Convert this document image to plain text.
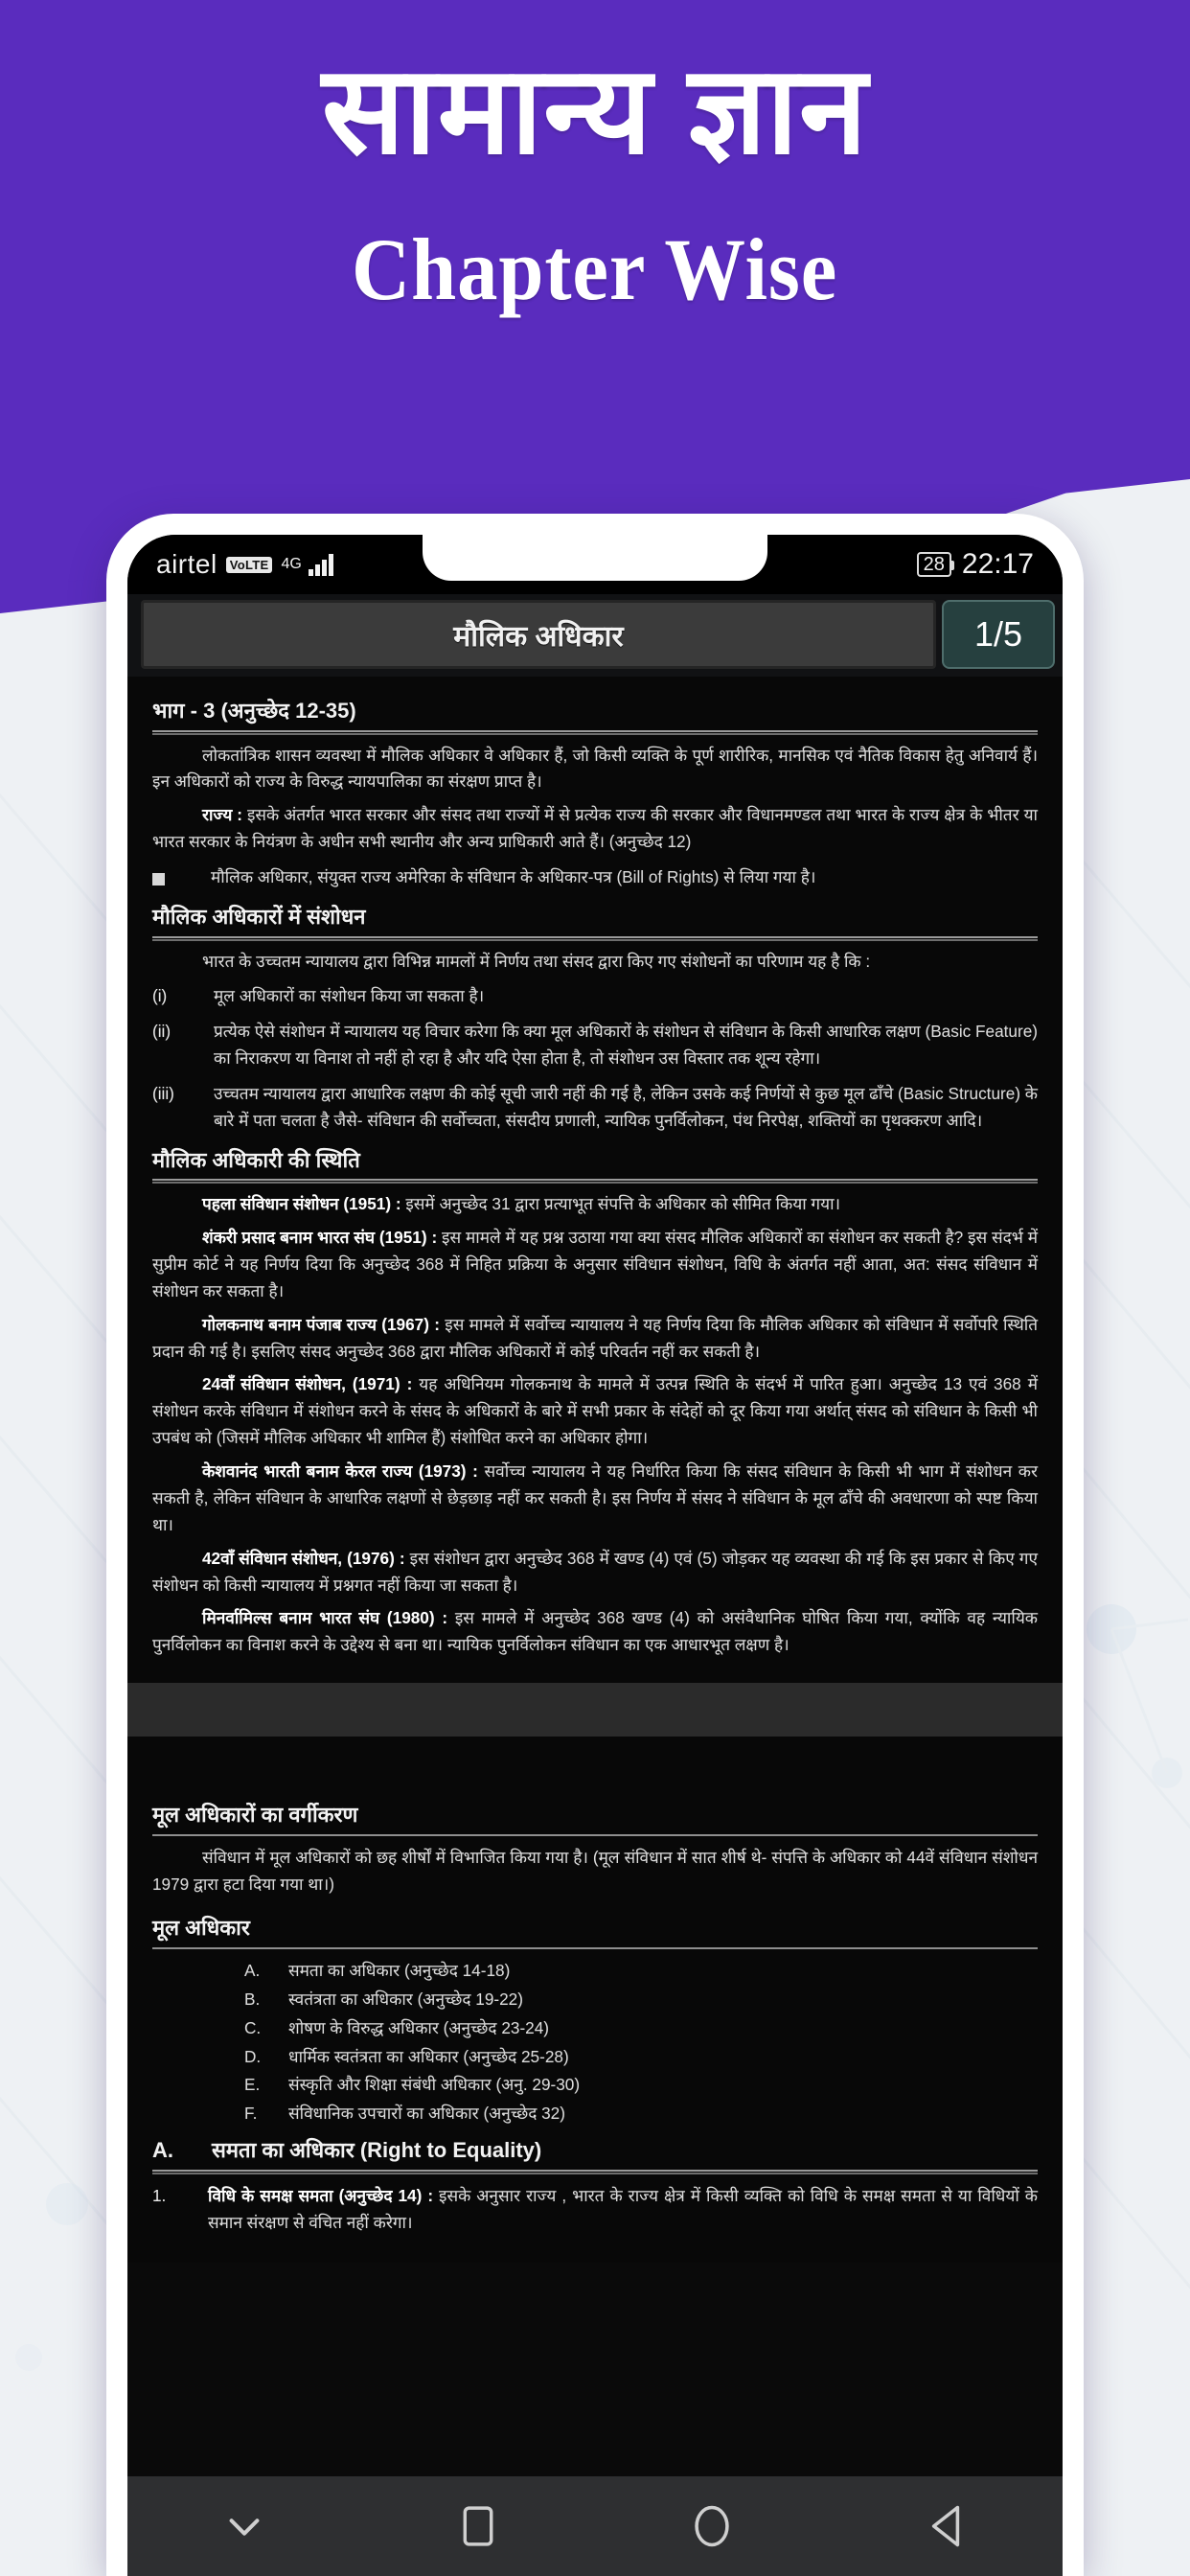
सामान्य ज्ञान
Chapter Wise
airtel	VoLTE 4G	28 22:17
मौलिक अधिकार	1/5
भाग - 3 (अनुच्छेद 12-35)

लोकतांत्रिक शासन व्यवस्था में मौलिक अधिकार वे अधिकार हैं, जो किसी व्यक्ति के पूर्ण शारीरिक, मानसिक एवं नैतिक विकास हेतु अनिवार्य हैं। इन अधिकारों को राज्य के विरुद्ध न्यायपालिका का संरक्षण प्राप्त है।

राज्य : इसके अंतर्गत भारत सरकार और संसद तथा राज्यों में से प्रत्येक राज्य की सरकार और विधानमण्डल तथा भारत के राज्य क्षेत्र के भीतर या भारत सरकार के नियंत्रण के अधीन सभी स्थानीय और अन्य प्राधिकारी आते हैं। (अनुच्छेद 12)

मौलिक अधिकार, संयुक्त राज्य अमेरिका के संविधान के अधिकार-पत्र (Bill of Rights) से लिया गया है।
मौलिक अधिकारों में संशोधन

भारत के उच्चतम न्यायालय द्वारा विभिन्न मामलों में निर्णय तथा संसद द्वारा किए गए संशोधनों का परिणाम यह है कि :

(i)	मूल अधिकारों का संशोधन किया जा सकता है।
(ii)	प्रत्येक ऐसे संशोधन में न्यायालय यह विचार करेगा कि क्या मूल अधिकारों के संशोधन से संविधान के किसी आधारिक लक्षण (Basic Feature) का निराकरण या विनाश तो नहीं हो रहा है और यदि ऐसा होता है, तो संशोधन उस विस्तार तक शून्य रहेगा।
(iii)	उच्चतम न्यायालय द्वारा आधारिक लक्षण की कोई सूची जारी नहीं की गई है, लेकिन उसके कई निर्णयों से कुछ मूल ढाँचे (Basic Structure) के बारे में पता चलता है जैसे- संविधान की सर्वोच्चता, संसदीय प्रणाली, न्यायिक पुनर्विलोकन, पंथ निरपेक्ष, शक्तियों का पृथक्करण आदि।
मौलिक अधिकारी की स्थिति

पहला संविधान संशोधन (1951) : इसमें अनुच्छेद 31 द्वारा प्रत्याभूत संपत्ति के अधिकार को सीमित किया गया।

शंकरी प्रसाद बनाम भारत संघ (1951) : इस मामले में यह प्रश्न उठाया गया क्या संसद मौलिक अधिकारों का संशोधन कर सकती है? इस संदर्भ में सुप्रीम कोर्ट ने यह निर्णय दिया कि अनुच्छेद 368 में निहित प्रक्रिया के अनुसार संविधान संशोधन, विधि के अंतर्गत नहीं आता, अत: संसद संविधान में संशोधन कर सकता है।

गोलकनाथ बनाम पंजाब राज्य (1967) : इस मामले में सर्वोच्च न्यायालय ने यह निर्णय दिया कि मौलिक अधिकार को संविधान में सर्वोपरि स्थिति प्रदान की गई है। इसलिए संसद अनुच्छेद 368 द्वारा मौलिक अधिकारों में कोई परिवर्तन नहीं कर सकती है।

24वाँ संविधान संशोधन, (1971) : यह अधिनियम गोलकनाथ के मामले में उत्पन्न स्थिति के संदर्भ में पारित हुआ। अनुच्छेद 13 एवं 368 में संशोधन करके संविधान में संशोधन करने के संसद के अधिकारों के बारे में सभी प्रकार के संदेहों को दूर किया गया अर्थात् संसद को संविधान के किसी भी उपबंध को (जिसमें मौलिक अधिकार भी शामिल हैं) संशोधित करने का अधिकार होगा।

केशवानंद भारती बनाम केरल राज्य (1973) : सर्वोच्च न्यायालय ने यह निर्धारित किया कि संसद संविधान के किसी भी भाग में संशोधन कर सकती है, लेकिन संविधान के आधारिक लक्षणों से छेड़छाड़ नहीं कर सकती है। इस निर्णय में संसद ने संविधान के मूल ढाँचे की अवधारणा को स्पष्ट किया था।

42वाँ संविधान संशोधन, (1976) : इस संशोधन द्वारा अनुच्छेद 368 में खण्ड (4) एवं (5) जोड़कर यह व्यवस्था की गई कि इस प्रकार से किए गए संशोधन को किसी न्यायालय में प्रश्नगत नहीं किया जा सकता है।

मिनर्वामिल्स बनाम भारत संघ (1980) : इस मामले में अनुच्छेद 368 खण्ड (4) को असंवैधानिक घोषित किया गया, क्योंकि वह न्यायिक पुनर्विलोकन का विनाश करने के उद्देश्य से बना था। न्यायिक पुनर्विलोकन संविधान का एक आधारभूत लक्षण है।

मूल अधिकारों का वर्गीकरण

संविधान में मूल अधिकारों को छह शीर्षों में विभाजित किया गया है। (मूल संविधान में सात शीर्ष थे- संपत्ति के अधिकार को 44वें संविधान संशोधन 1979 द्वारा हटा दिया गया था।)

मूल अधिकार
A.	समता का अधिकार (अनुच्छेद 14-18)
B.	स्वतंत्रता का अधिकार (अनुच्छेद 19-22)
C.	शोषण के विरुद्ध अधिकार (अनुच्छेद 23-24)
D.	धार्मिक स्वतंत्रता का अधिकार (अनुच्छेद 25-28)
E.	संस्कृति और शिक्षा संबंधी अधिकार (अनु. 29-30)
F.	संविधानिक उपचारों का अधिकार (अनुच्छेद 32)
A.	समता का अधिकार (Right to Equality)
1.	विधि के समक्ष समता (अनुच्छेद 14) : इसके अनुसार राज्य , भारत के राज्य क्षेत्र में किसी व्यक्ति को विधि के समक्ष समता से या विधियों के समान संरक्षण से वंचित नहीं करेगा।
